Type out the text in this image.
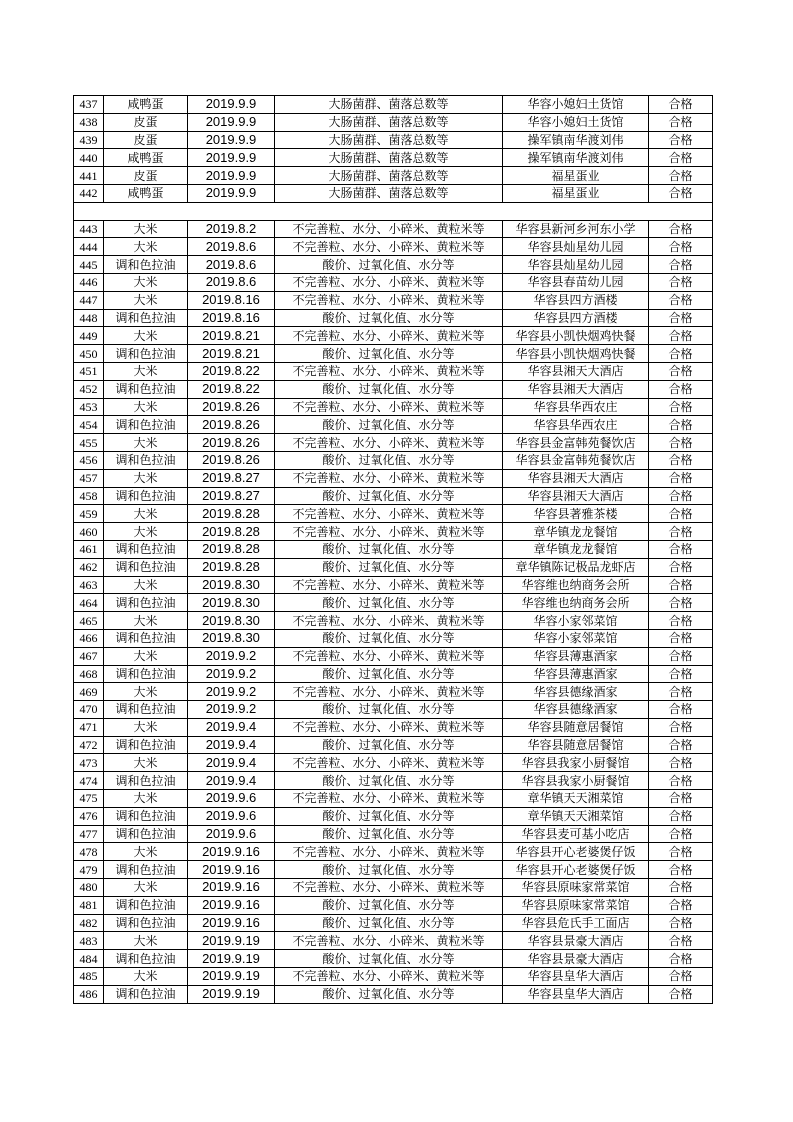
437	咸鸭蛋	2019.9.9	大肠菌群、菌落总数等	华容小媳妇土货馆	合格
438	皮蛋	2019.9.9	大肠菌群、菌落总数等	华容小媳妇土货馆	合格
439	皮蛋	2019.9.9	大肠菌群、菌落总数等	操军镇南华渡刘伟	合格
440	咸鸭蛋	2019.9.9	大肠菌群、菌落总数等	操军镇南华渡刘伟	合格
441	皮蛋	2019.9.9	大肠菌群、菌落总数等	福星蛋业	合格
442	咸鸭蛋	2019.9.9	大肠菌群、菌落总数等	福星蛋业	合格

443	大米	2019.8.2	不完善粒、水分、小碎米、黄粒米等	华容县新河乡河东小学	合格
444	大米	2019.8.6	不完善粒、水分、小碎米、黄粒米等	华容县灿星幼儿园	合格
445	调和色拉油	2019.8.6	酸价、过氧化值、水分等	华容县灿星幼儿园	合格
446	大米	2019.8.6	不完善粒、水分、小碎米、黄粒米等	华容县春苗幼儿园	合格
447	大米	2019.8.16	不完善粒、水分、小碎米、黄粒米等	华容县四方酒楼	合格
448	调和色拉油	2019.8.16	酸价、过氧化值、水分等	华容县四方酒楼	合格
449	大米	2019.8.21	不完善粒、水分、小碎米、黄粒米等	华容县小凯快烟鸡快餐	合格
450	调和色拉油	2019.8.21	酸价、过氧化值、水分等	华容县小凯快烟鸡快餐	合格
451	大米	2019.8.22	不完善粒、水分、小碎米、黄粒米等	华容县湘天大酒店	合格
452	调和色拉油	2019.8.22	酸价、过氧化值、水分等	华容县湘天大酒店	合格
453	大米	2019.8.26	不完善粒、水分、小碎米、黄粒米等	华容县华西农庄	合格
454	调和色拉油	2019.8.26	酸价、过氧化值、水分等	华容县华西农庄	合格
455	大米	2019.8.26	不完善粒、水分、小碎米、黄粒米等	华容县金富韩苑餐饮店	合格
456	调和色拉油	2019.8.26	酸价、过氧化值、水分等	华容县金富韩苑餐饮店	合格
457	大米	2019.8.27	不完善粒、水分、小碎米、黄粒米等	华容县湘天大酒店	合格
458	调和色拉油	2019.8.27	酸价、过氧化值、水分等	华容县湘天大酒店	合格
459	大米	2019.8.28	不完善粒、水分、小碎米、黄粒米等	华容县著雅茶楼	合格
460	大米	2019.8.28	不完善粒、水分、小碎米、黄粒米等	章华镇龙龙餐馆	合格
461	调和色拉油	2019.8.28	酸价、过氧化值、水分等	章华镇龙龙餐馆	合格
462	调和色拉油	2019.8.28	酸价、过氧化值、水分等	章华镇陈记极品龙虾店	合格
463	大米	2019.8.30	不完善粒、水分、小碎米、黄粒米等	华容维也纳商务会所	合格
464	调和色拉油	2019.8.30	酸价、过氧化值、水分等	华容维也纳商务会所	合格
465	大米	2019.8.30	不完善粒、水分、小碎米、黄粒米等	华容小家邻菜馆	合格
466	调和色拉油	2019.8.30	酸价、过氧化值、水分等	华容小家邻菜馆	合格
467	大米	2019.9.2	不完善粒、水分、小碎米、黄粒米等	华容县薄惠酒家	合格
468	调和色拉油	2019.9.2	酸价、过氧化值、水分等	华容县薄惠酒家	合格
469	大米	2019.9.2	不完善粒、水分、小碎米、黄粒米等	华容县德缘酒家	合格
470	调和色拉油	2019.9.2	酸价、过氧化值、水分等	华容县德缘酒家	合格
471	大米	2019.9.4	不完善粒、水分、小碎米、黄粒米等	华容县随意居餐馆	合格
472	调和色拉油	2019.9.4	酸价、过氧化值、水分等	华容县随意居餐馆	合格
473	大米	2019.9.4	不完善粒、水分、小碎米、黄粒米等	华容县我家小厨餐馆	合格
474	调和色拉油	2019.9.4	酸价、过氧化值、水分等	华容县我家小厨餐馆	合格
475	大米	2019.9.6	不完善粒、水分、小碎米、黄粒米等	章华镇天天湘菜馆	合格
476	调和色拉油	2019.9.6	酸价、过氧化值、水分等	章华镇天天湘菜馆	合格
477	调和色拉油	2019.9.6	酸价、过氧化值、水分等	华容县麦可基小吃店	合格
478	大米	2019.9.16	不完善粒、水分、小碎米、黄粒米等	华容县开心老婆煲仔饭	合格
479	调和色拉油	2019.9.16	酸价、过氧化值、水分等	华容县开心老婆煲仔饭	合格
480	大米	2019.9.16	不完善粒、水分、小碎米、黄粒米等	华容县原味家常菜馆	合格
481	调和色拉油	2019.9.16	酸价、过氧化值、水分等	华容县原味家常菜馆	合格
482	调和色拉油	2019.9.16	酸价、过氧化值、水分等	华容县危氏手工面店	合格
483	大米	2019.9.19	不完善粒、水分、小碎米、黄粒米等	华容县景豪大酒店	合格
484	调和色拉油	2019.9.19	酸价、过氧化值、水分等	华容县景豪大酒店	合格
485	大米	2019.9.19	不完善粒、水分、小碎米、黄粒米等	华容县皇华大酒店	合格
486	调和色拉油	2019.9.19	酸价、过氧化值、水分等	华容县皇华大酒店	合格
